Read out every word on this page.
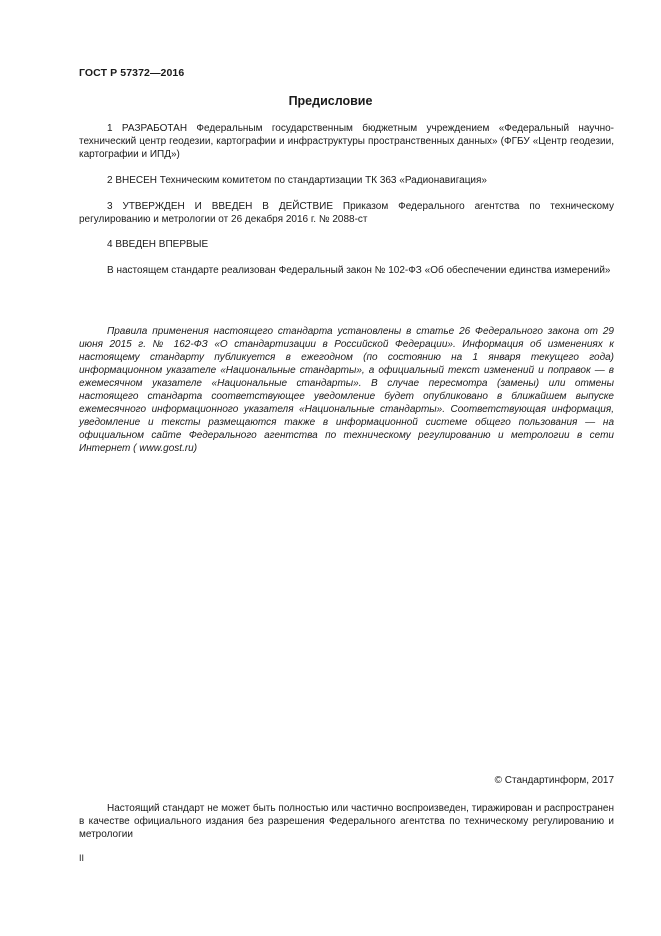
ГОСТ Р 57372—2016
Предисловие

1 РАЗРАБОТАН Федеральным государственным бюджетным учреждением «Федеральный научно-технический центр геодезии, картографии и инфраструктуры пространственных данных» (ФГБУ «Центр геодезии, картографии и ИПД»)

2 ВНЕСЕН Техническим комитетом по стандартизации ТК 363 «Радионавигация»

3 УТВЕРЖДЕН И ВВЕДЕН В ДЕЙСТВИЕ Приказом Федерального агентства по техническому регулированию и метрологии от 26 декабря 2016 г. № 2088-ст

4 ВВЕДЕН ВПЕРВЫЕ

В настоящем стандарте реализован Федеральный закон № 102-ФЗ «Об обеспечении единства измерений»

Правила применения настоящего стандарта установлены в статье 26 Федерального закона от 29 июня 2015 г. № 162-ФЗ «О стандартизации в Российской Федерации». Информация об изменениях к настоящему стандарту публикуется в ежегодном (по состоянию на 1 января текущего года) информационном указателе «Национальные стандарты», а официальный текст изменений и поправок — в ежемесячном указателе «Национальные стандарты». В случае пересмотра (замены) или отмены настоящего стандарта соответствующее уведомление будет опубликовано в ближайшем выпуске ежемесячного информационного указателя «Национальные стандарты». Соответствующая информация, уведомление и тексты размещаются также в информационной системе общего пользования — на официальном сайте Федерального агентства по техническому регулированию и метрологии в сети Интернет ( www.gost.ru)

© Стандартинформ, 2017

Настоящий стандарт не может быть полностью или частично воспроизведен, тиражирован и распространен в качестве официального издания без разрешения Федерального агентства по техническому регулированию и метрологии

II
